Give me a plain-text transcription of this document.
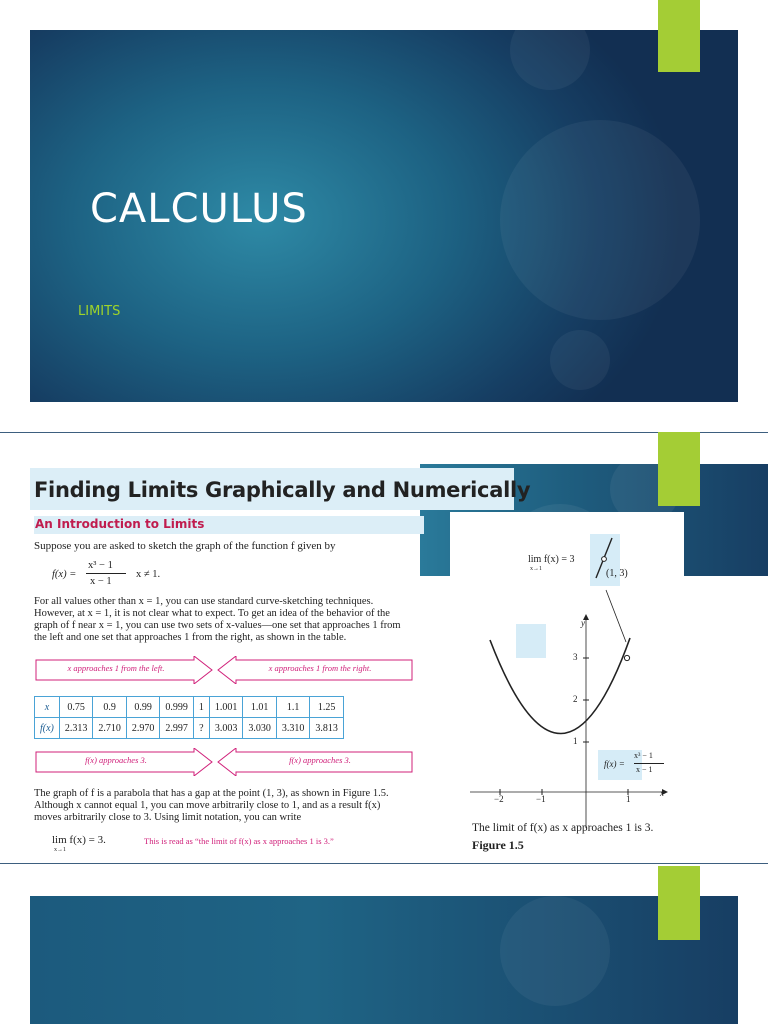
CALCULUS
LIMITS
Finding Limits Graphically and Numerically
An Introduction to Limits
Suppose you are asked to sketch the graph of the function f given by
f(x) =
x³ − 1
x − 1
x ≠ 1.
For all values other than x = 1, you can use standard curve-sketching techniques. However, at x = 1, it is not clear what to expect. To get an idea of the behavior of the graph of f near x = 1, you can use two sets of x-values—one set that approaches 1 from the left and one set that approaches 1 from the right, as shown in the table.
x approaches 1 from the left.	x approaches 1 from the right.
x	0.75	0.9	0.99	0.999	1	1.001	1.01	1.1	1.25
f(x)	2.313	2.710	2.970	2.997	?	3.003	3.030	3.310	3.813
f(x) approaches 3.	f(x) approaches 3.
The graph of f is a parabola that has a gap at the point (1, 3), as shown in Figure 1.5. Although x cannot equal 1, you can move arbitrarily close to 1, and as a result f(x) moves arbitrarily close to 3. Using limit notation, you can write
lim f(x) = 3.
x→1
This is read as “the limit of f(x) as x approaches 1 is 3.”
lim f(x) = 3
x→1	(1, 3)
y
x
3
2
1
−2	−1	1
f(x) =
x³ − 1
x − 1
The limit of f(x) as x approaches 1 is 3.
Figure 1.5
